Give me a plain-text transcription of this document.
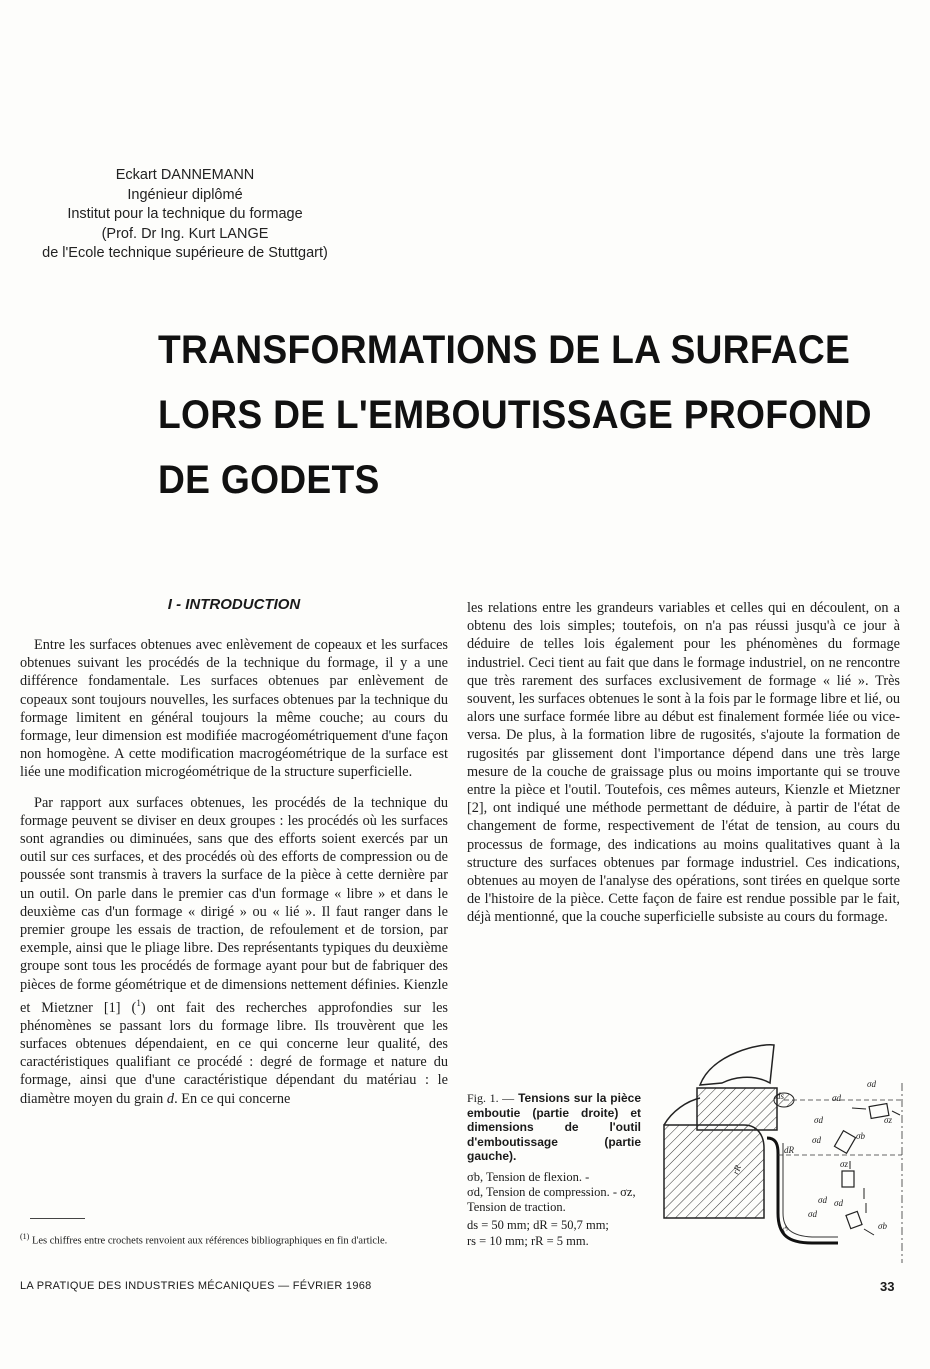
Eckart DANNEMANN
Ingénieur diplômé
Institut pour la technique du formage
(Prof. Dr Ing. Kurt LANGE
de l'Ecole technique supérieure de Stuttgart)
TRANSFORMATIONS DE LA SURFACE
LORS DE L'EMBOUTISSAGE PROFOND
DE GODETS
I - INTRODUCTION

Entre les surfaces obtenues avec enlèvement de copeaux et les surfaces obtenues suivant les procédés de la technique du formage, il y a une différence fondamentale. Les surfaces obtenues par enlèvement de copeaux sont toujours nouvelles, les surfaces obtenues par la technique du formage limitent en général toujours la même couche; au cours du formage, leur dimension est modifiée macrogéométriquement d'une façon non homogène. A cette modification macrogéométrique de la surface est liée une modification microgéométrique de la structure superficielle.

Par rapport aux surfaces obtenues, les procédés de la technique du formage peuvent se diviser en deux groupes : les procédés où les surfaces sont agrandies ou diminuées, sans que des efforts soient exercés par un outil sur ces surfaces, et des procédés où des efforts de compression ou de poussée sont transmis à travers la surface de la pièce à cette dernière par un outil. On parle dans le premier cas d'un formage « libre » et dans le deuxième cas d'un formage « dirigé » ou « lié ». Il faut ranger dans le premier groupe les essais de traction, de refoulement et de torsion, par exemple, ainsi que le pliage libre. Des représentants typiques du deuxième groupe sont tous les procédés de formage ayant pour but de fabriquer des pièces de forme géométrique et de dimensions nettement définies. Kienzle et Mietzner [1] ($^1$) ont fait des recherches approfondies sur les phénomènes se passant lors du formage libre. Ils trouvèrent que les surfaces obtenues dépendaient, en ce qui concerne leur qualité, des caractéristiques qualifiant ce procédé : degré de formage et nature du formage, ainsi que d'une caractéristique dépendant du matériau : le diamètre moyen du grain d. En ce qui concerne

les relations entre les grandeurs variables et celles qui en découlent, on a obtenu des lois simples; toutefois, on n'a pas réussi jusqu'à ce jour à déduire de telles lois également pour les phénomènes du formage industriel. Ceci tient au fait que dans le formage industriel, on ne rencontre que très rarement des surfaces exclusivement de formage « lié ». Très souvent, les surfaces obtenues le sont à la fois par le formage libre et lié, ou alors une surface formée libre au début est finalement formée liée ou vice-versa. De plus, à la formation libre de rugosités, s'ajoute la formation de rugosités par glissement dont l'importance dépend dans une très large mesure de la couche de graissage plus ou moins importante qui se trouve entre la pièce et l'outil. Toutefois, ces mêmes auteurs, Kienzle et Mietzner [2], ont indiqué une méthode permettant de déduire, à partir de l'état de changement de forme, respectivement de l'état de tension, au cours du processus de formage, des indications au moins qualitatives quant à la structure des surfaces obtenues par formage industriel. Ces indications, obtenues au moyen de l'analyse des opérations, sont tirées en quelque sorte de l'histoire de la pièce. Cette façon de faire est rendue possible par le fait, déjà mentionné, que la couche superficielle subsiste au cours du formage.

$^{(1)}$ Les chiffres entre crochets renvoient aux références bibliographiques en fin d'article.
Fig. 1. — Tensions sur la pièce emboutie (partie droite) et dimensions de l'outil d'emboutissage (partie gauche).
σb, Tension de flexion. -
σd, Tension de compression. - σz, Tension de traction.
ds = 50 mm; dR = 50,7 mm;
rs = 10 mm; rR = 5 mm.
ds
dR
rR
rs
σd
σd
σz
σd
σd	σb
σz
σd
σd
σd
σb
LA PRATIQUE DES INDUSTRIES MÉCANIQUES — FÉVRIER 1968	33
